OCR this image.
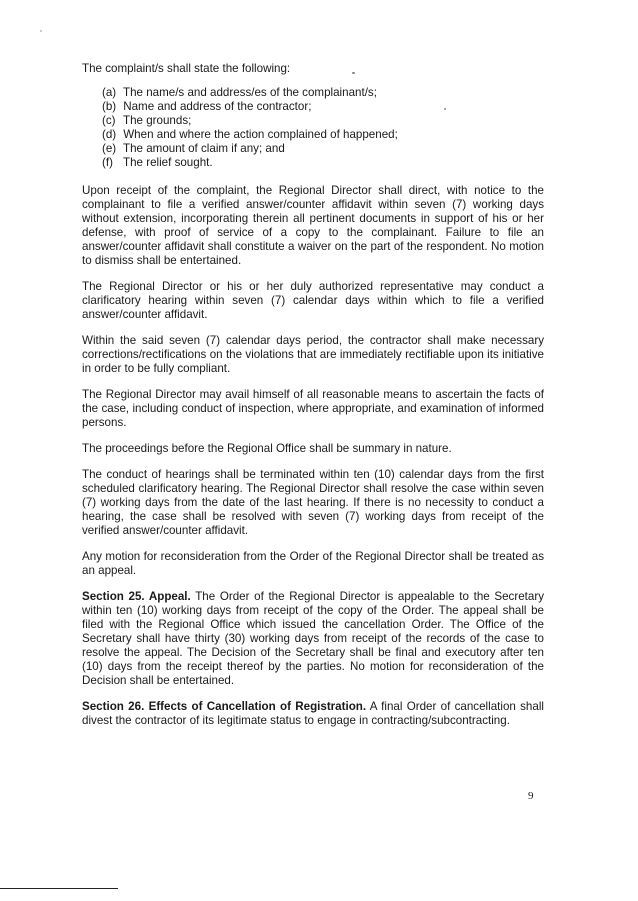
The complaint/s shall state the following:

(a) The name/s and address/es of the complainant/s;
(b) Name and address of the contractor;
(c) The grounds;
(d) When and where the action complained of happened;
(e) The amount of claim if any; and
(f) The relief sought.

Upon receipt of the complaint, the Regional Director shall direct, with notice to the complainant to file a verified answer/counter affidavit within seven (7) working days without extension, incorporating therein all pertinent documents in support of his or her defense, with proof of service of a copy to the complainant. Failure to file an answer/counter affidavit shall constitute a waiver on the part of the respondent. No motion to dismiss shall be entertained.

The Regional Director or his or her duly authorized representative may conduct a clarificatory hearing within seven (7) calendar days within which to file a verified answer/counter affidavit.

Within the said seven (7) calendar days period, the contractor shall make necessary corrections/rectifications on the violations that are immediately rectifiable upon its initiative in order to be fully compliant.

The Regional Director may avail himself of all reasonable means to ascertain the facts of the case, including conduct of inspection, where appropriate, and examination of informed persons.

The proceedings before the Regional Office shall be summary in nature.

The conduct of hearings shall be terminated within ten (10) calendar days from the first scheduled clarificatory hearing. The Regional Director shall resolve the case within seven (7) working days from the date of the last hearing. If there is no necessity to conduct a hearing, the case shall be resolved with seven (7) working days from receipt of the verified answer/counter affidavit.

Any motion for reconsideration from the Order of the Regional Director shall be treated as an appeal.

Section 25. Appeal. The Order of the Regional Director is appealable to the Secretary within ten (10) working days from receipt of the copy of the Order. The appeal shall be filed with the Regional Office which issued the cancellation Order. The Office of the Secretary shall have thirty (30) working days from receipt of the records of the case to resolve the appeal. The Decision of the Secretary shall be final and executory after ten (10) days from the receipt thereof by the parties. No motion for reconsideration of the Decision shall be entertained.

Section 26. Effects of Cancellation of Registration. A final Order of cancellation shall divest the contractor of its legitimate status to engage in contracting/subcontracting.

9
